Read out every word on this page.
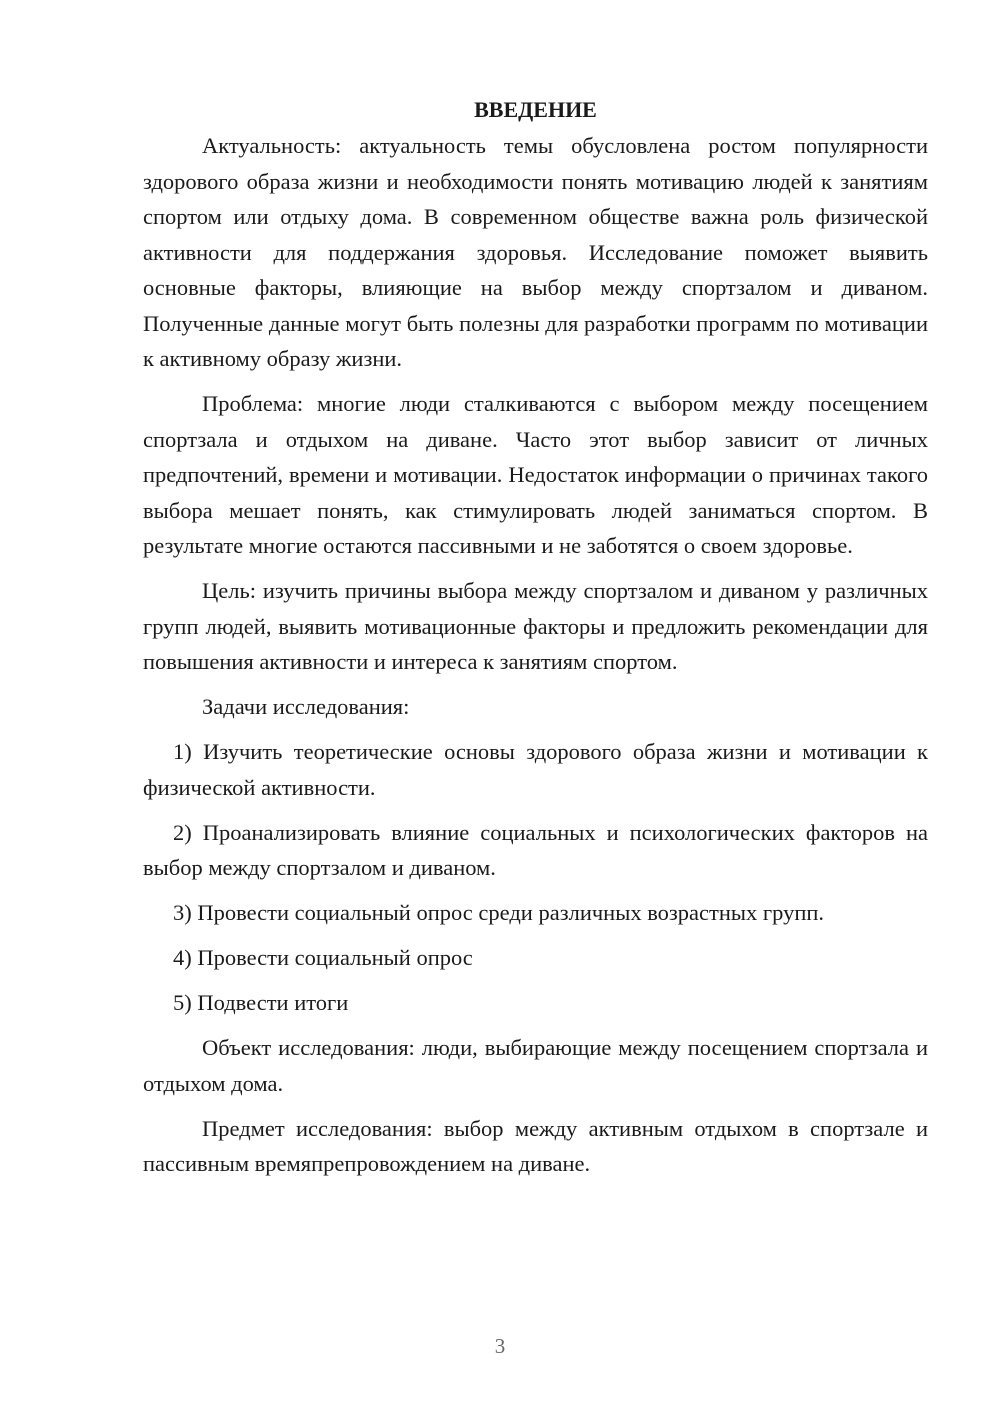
ВВЕДЕНИЕ

Актуальность: актуальность темы обусловлена ростом популярности здорового образа жизни и необходимости понять мотивацию людей к занятиям спортом или отдыху дома. В современном обществе важна роль физической активности для поддержания здоровья. Исследование поможет выявить основные факторы, влияющие на выбор между спортзалом и диваном. Полученные данные могут быть полезны для разработки программ по мотивации к активному образу жизни.

Проблема: многие люди сталкиваются с выбором между посещением спортзала и отдыхом на диване. Часто этот выбор зависит от личных предпочтений, времени и мотивации. Недостаток информации о причинах такого выбора мешает понять, как стимулировать людей заниматься спортом. В результате многие остаются пассивными и не заботятся о своем здоровье.

Цель: изучить причины выбора между спортзалом и диваном у различных групп людей, выявить мотивационные факторы и предложить рекомендации для повышения активности и интереса к занятиям спортом.

Задачи исследования:

1) Изучить теоретические основы здорового образа жизни и мотивации к физической активности.

2) Проанализировать влияние социальных и психологических факторов на выбор между спортзалом и диваном.

3) Провести социальный опрос среди различных возрастных групп.

4) Провести социальный опрос

5) Подвести итоги

Объект исследования: люди, выбирающие между посещением спортзала и отдыхом дома.

Предмет исследования: выбор между активным отдыхом в спортзале и пассивным времяпрепровождением на диване.

3
